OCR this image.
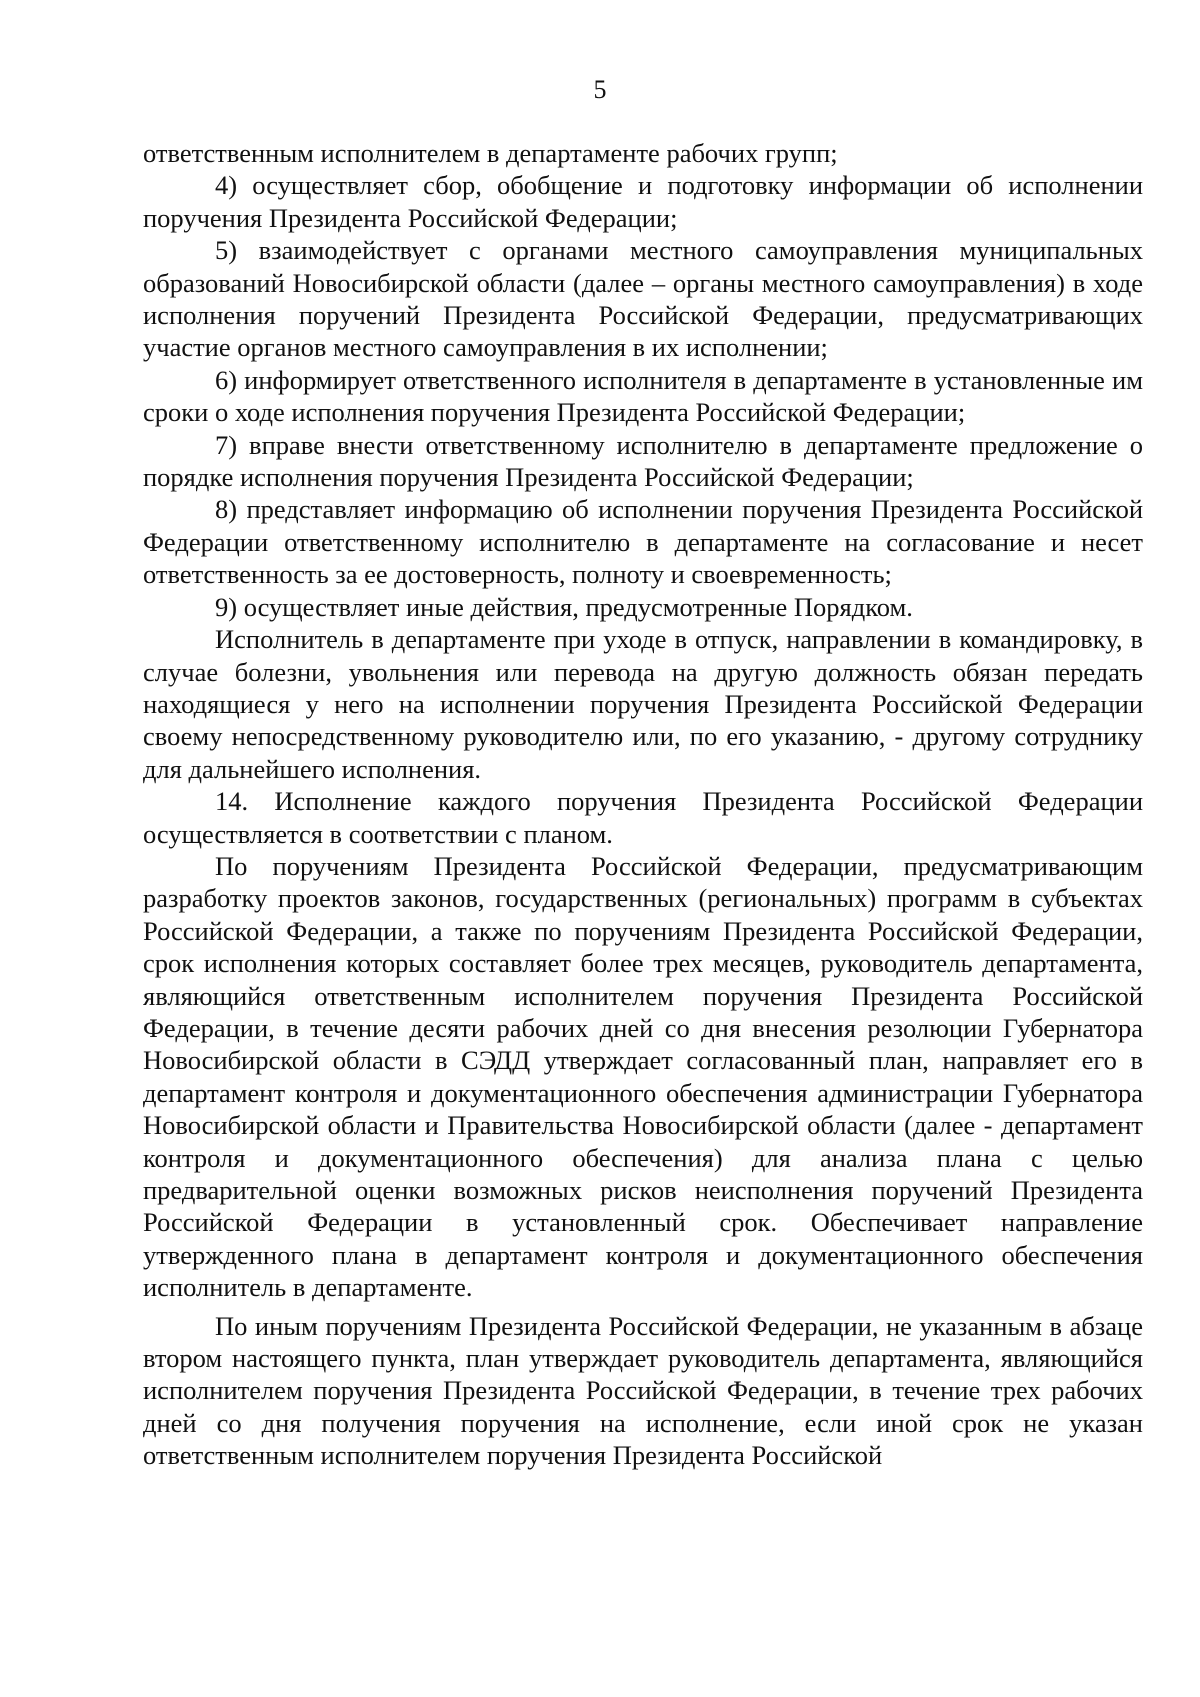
5

ответственным исполнителем в департаменте рабочих групп;

4) осуществляет сбор, обобщение и подготовку информации об исполнении поручения Президента Российской Федерации;

5) взаимодействует с органами местного самоуправления муниципальных образований Новосибирской области (далее – органы местного самоуправления) в ходе исполнения поручений Президента Российской Федерации, предусматривающих участие органов местного самоуправления в их исполнении;

6) информирует ответственного исполнителя в департаменте в установленные им сроки о ходе исполнения поручения Президента Российской Федерации;

7) вправе внести ответственному исполнителю в департаменте предложение о порядке исполнения поручения Президента Российской Федерации;

8) представляет информацию об исполнении поручения Президента Российской Федерации ответственному исполнителю в департаменте на согласование и несет ответственность за ее достоверность, полноту и своевременность;

9) осуществляет иные действия, предусмотренные Порядком.

Исполнитель в департаменте при уходе в отпуск, направлении в командировку, в случае болезни, увольнения или перевода на другую должность обязан передать находящиеся у него на исполнении поручения Президента Российской Федерации своему непосредственному руководителю или, по его указанию, - другому сотруднику для дальнейшего исполнения.

14. Исполнение каждого поручения Президента Российской Федерации осуществляется в соответствии с планом.

По поручениям Президента Российской Федерации, предусматривающим разработку проектов законов, государственных (региональных) программ в субъектах Российской Федерации, а также по поручениям Президента Российской Федерации, срок исполнения которых составляет более трех месяцев, руководитель департамента, являющийся ответственным исполнителем поручения Президента Российской Федерации, в течение десяти рабочих дней со дня внесения резолюции Губернатора Новосибирской области в СЭДД утверждает согласованный план, направляет его в департамент контроля и документационного обеспечения администрации Губернатора Новосибирской области и Правительства Новосибирской области (далее - департамент контроля и документационного обеспечения) для анализа плана с целью предварительной оценки возможных рисков неисполнения поручений Президента Российской Федерации в установленный срок. Обеспечивает направление утвержденного плана в департамент контроля и документационного обеспечения исполнитель в департаменте.

По иным поручениям Президента Российской Федерации, не указанным в абзаце втором настоящего пункта, план утверждает руководитель департамента, являющийся исполнителем поручения Президента Российской Федерации, в течение трех рабочих дней со дня получения поручения на исполнение, если иной срок не указан ответственным исполнителем поручения Президента Российской
